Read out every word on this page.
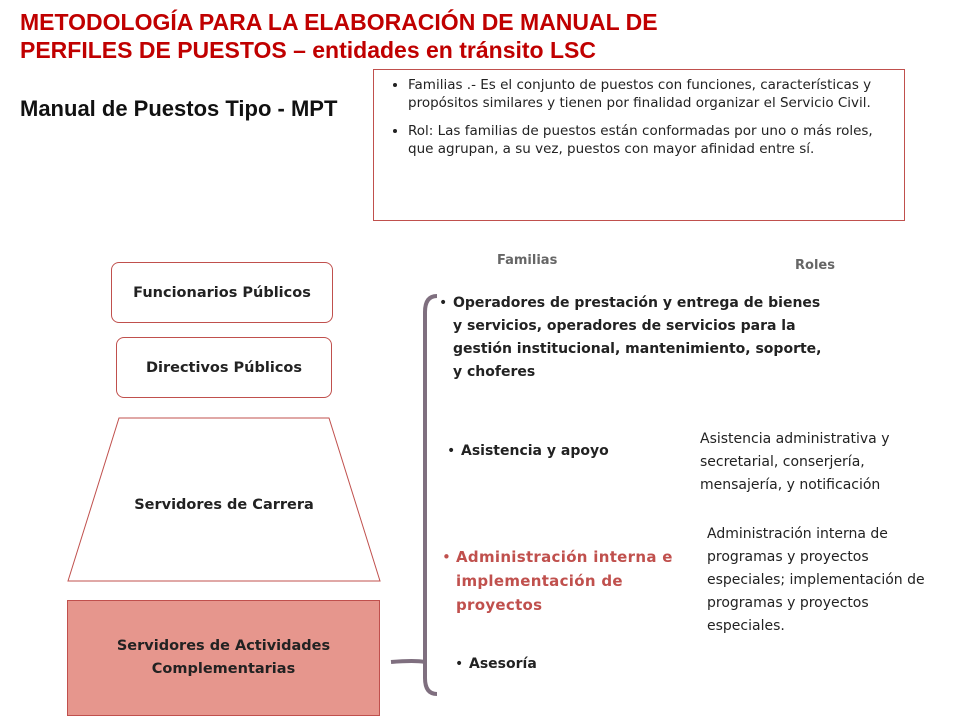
METODOLOGÍA PARA LA ELABORACIÓN DE MANUAL DE
PERFILES DE PUESTOS – entidades en tránsito LSC
Manual de Puestos Tipo - MPT
• Familias .- Es el conjunto de puestos con funciones, características y propósitos similares y tienen por finalidad organizar el Servicio Civil.
• Rol: Las familias de puestos están conformadas por uno o más roles, que agrupan, a su vez, puestos con mayor afinidad entre sí.
Funcionarios Públicos
Directivos Públicos
Servidores de Carrera
Servidores de Actividades
Complementarias
Familias	Roles
• Operadores de prestación y entrega de bienes y servicios, operadores de servicios para la gestión institucional, mantenimiento, soporte, y choferes
• Asistencia y apoyo
• Administración interna e implementación de proyectos
• Asesoría
Asistencia administrativa y secretarial, conserjería, mensajería, y notificación
Administración interna de programas y proyectos especiales; implementación de programas y proyectos especiales.
